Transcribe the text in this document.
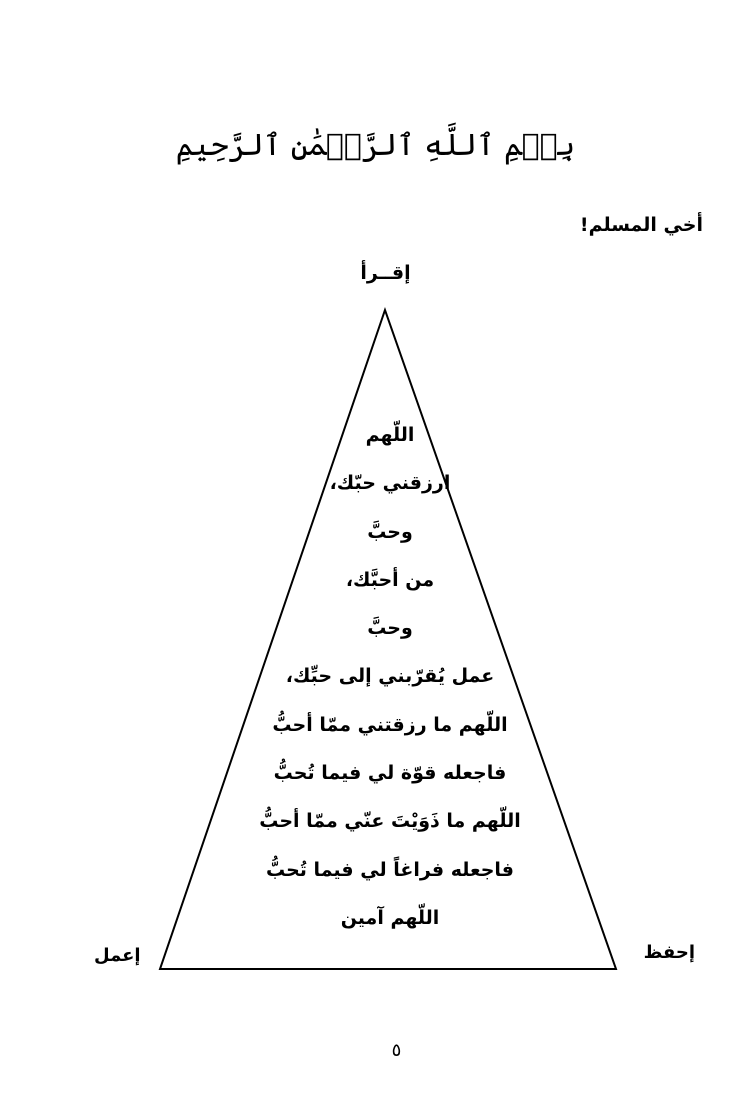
بِسۡمِ ٱللَّهِ ٱلرَّحۡمَٰنِ ٱلرَّحِيمِ
أخي المسلم!
إقــرأ
اللّهم
ارزقني حبّك،
وحبَّ
من أحبَّك،
وحبَّ
عمل يُقرّبني إلى حبِّك،
اللّهم ما رزقتني ممّا أحبُّ
فاجعله قوّة لي فيما تُحبُّ
اللّهم ما ذَوَيْتَ عنّي ممّا أحبُّ
فاجعله فراغاً لي فيما تُحبُّ
اللّهم آمين
إحفظ
إعمل
٥
